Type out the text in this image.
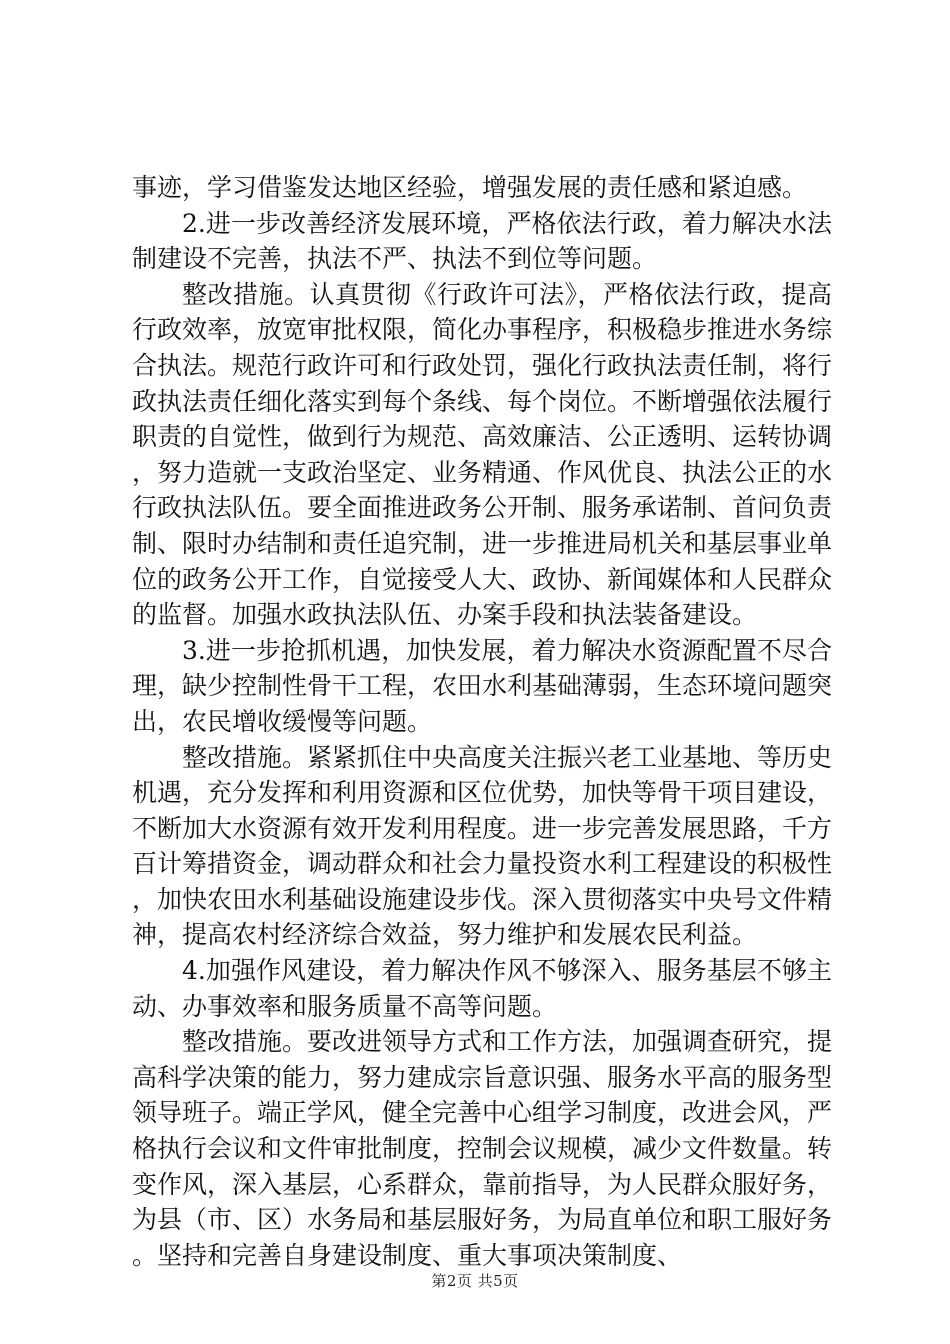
事迹，学习借鉴发达地区经验，增强发展的责任感和紧迫感。

2.进一步改善经济发展环境，严格依法行政，着力解决水法制建设不完善，执法不严、执法不到位等问题。

整改措施。认真贯彻《行政许可法》，严格依法行政，提高行政效率，放宽审批权限，简化办事程序，积极稳步推进水务综合执法。规范行政许可和行政处罚，强化行政执法责任制，将行政执法责任细化落实到每个条线、每个岗位。不断增强依法履行职责的自觉性，做到行为规范、高效廉洁、公正透明、运转协调，努力造就一支政治坚定、业务精通、作风优良、执法公正的水行政执法队伍。要全面推进政务公开制、服务承诺制、首问负责制、限时办结制和责任追究制，进一步推进局机关和基层事业单位的政务公开工作，自觉接受人大、政协、新闻媒体和人民群众的监督。加强水政执法队伍、办案手段和执法装备建设。

3.进一步抢抓机遇，加快发展，着力解决水资源配置不尽合理，缺少控制性骨干工程，农田水利基础薄弱，生态环境问题突出，农民增收缓慢等问题。

整改措施。紧紧抓住中央高度关注振兴老工业基地、等历史机遇，充分发挥和利用资源和区位优势，加快等骨干项目建设，不断加大水资源有效开发利用程度。进一步完善发展思路，千方百计筹措资金，调动群众和社会力量投资水利工程建设的积极性，加快农田水利基础设施建设步伐。深入贯彻落实中央号文件精神，提高农村经济综合效益，努力维护和发展农民利益。

4.加强作风建设，着力解决作风不够深入、服务基层不够主动、办事效率和服务质量不高等问题。

整改措施。要改进领导方式和工作方法，加强调查研究，提高科学决策的能力，努力建成宗旨意识强、服务水平高的服务型领导班子。端正学风，健全完善中心组学习制度，改进会风，严格执行会议和文件审批制度，控制会议规模，减少文件数量。转变作风，深入基层，心系群众，靠前指导，为人民群众服好务，为县（市、区）水务局和基层服好务，为局直单位和职工服好务。坚持和完善自身建设制度、重大事项决策制度、

第2页 共5页
